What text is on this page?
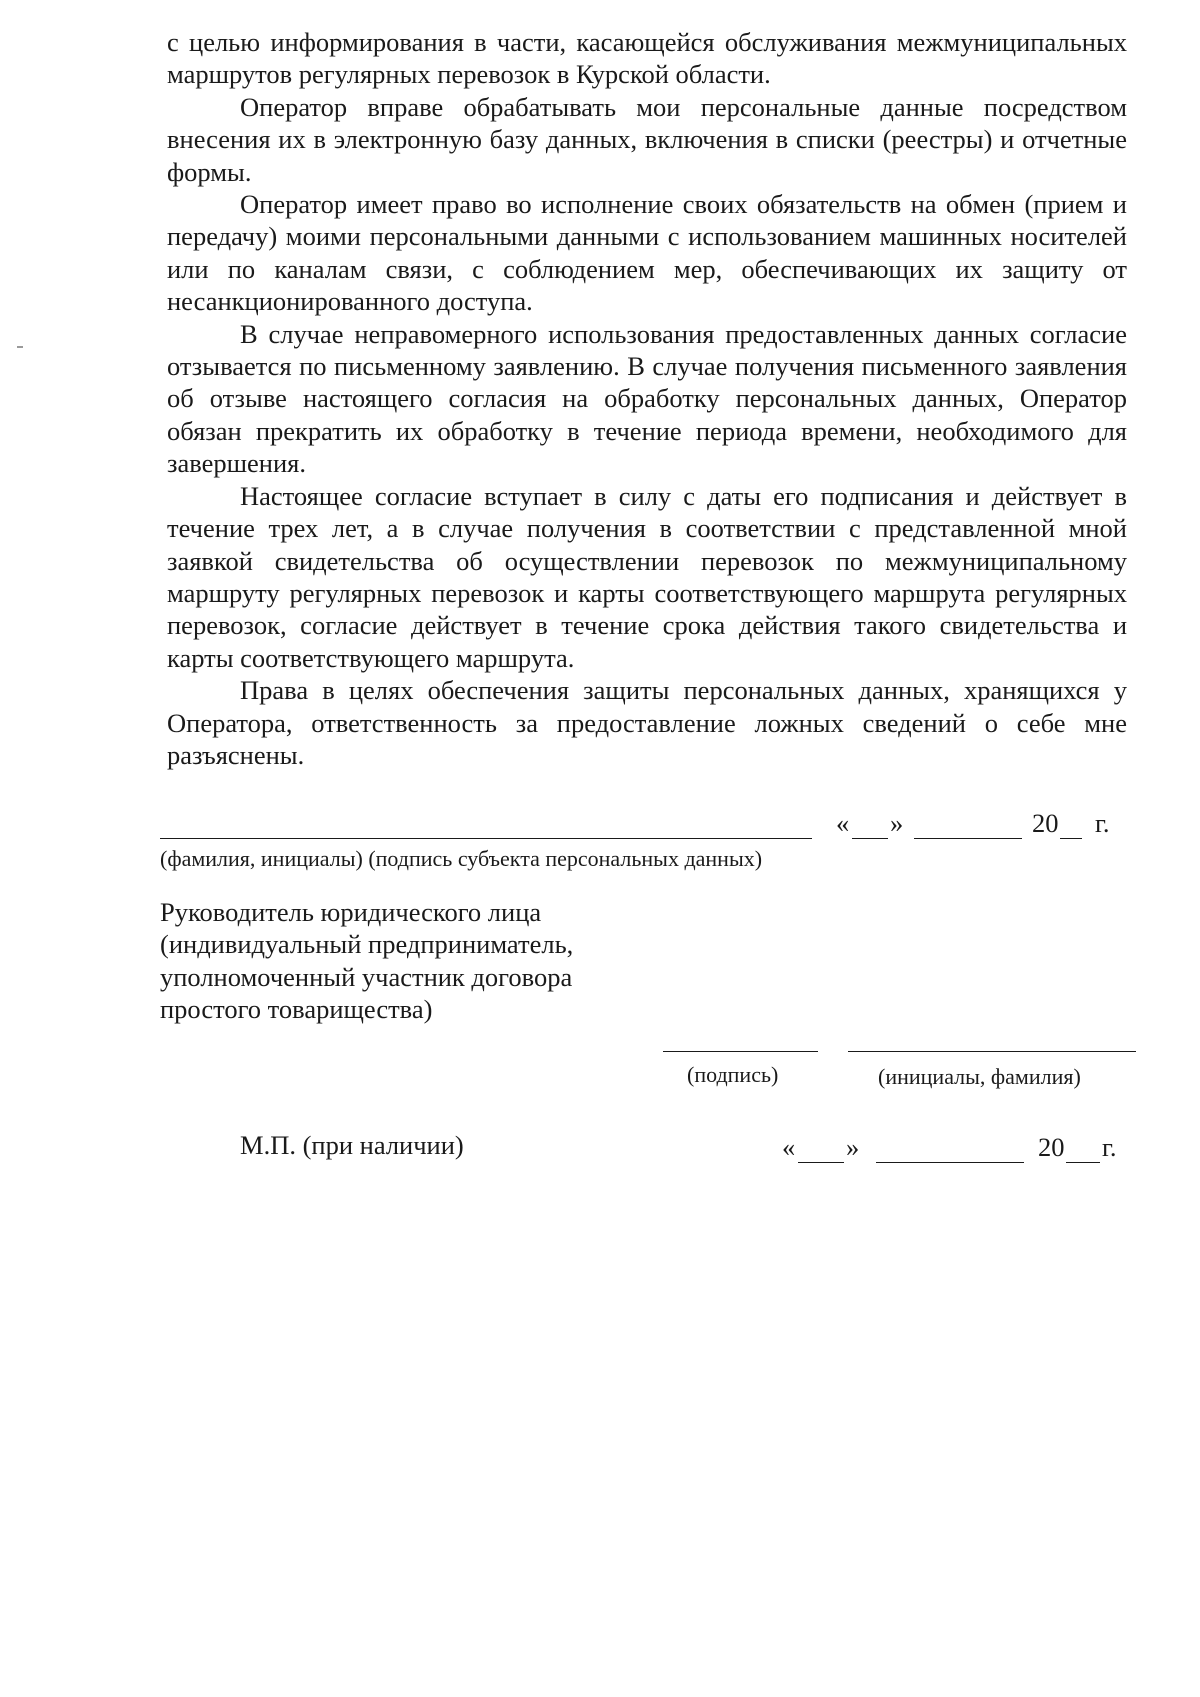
с целью информирования в части, касающейся обслуживания межмуниципальных маршрутов регулярных перевозок в Курской области.

Оператор вправе обрабатывать мои персональные данные посредством внесения их в электронную базу данных, включения в списки (реестры) и отчетные формы.

Оператор имеет право во исполнение своих обязательств на обмен (прием и передачу) моими персональными данными с использованием машинных носителей или по каналам связи, с соблюдением мер, обеспечивающих их защиту от несанкционированного доступа.

В случае неправомерного использования предоставленных данных согласие отзывается по письменному заявлению. В случае получения письменного заявления об отзыве настоящего согласия на обработку персональных данных, Оператор обязан прекратить их обработку в течение периода времени, необходимого для завершения.

Настоящее согласие вступает в силу с даты его подписания и действует в течение трех лет, а в случае получения в соответствии с представленной мной заявкой свидетельства об осуществлении перевозок по межмуниципальному маршруту регулярных перевозок и карты соответствующего маршрута регулярных перевозок, согласие действует в течение срока действия такого свидетельства и карты соответствующего маршрута.

Права в целях обеспечения защиты персональных данных, хранящихся у Оператора, ответственность за предоставление ложных сведений о себе мне разъяснены.

« »	20 г.
(фамилия, инициалы) (подпись субъекта персональных данных)
Руководитель юридического лица
(индивидуальный предприниматель,
уполномоченный участник договора
простого товарищества)
(подпись)	(инициалы, фамилия)
М.П. (при наличии)	« »	20 г.
